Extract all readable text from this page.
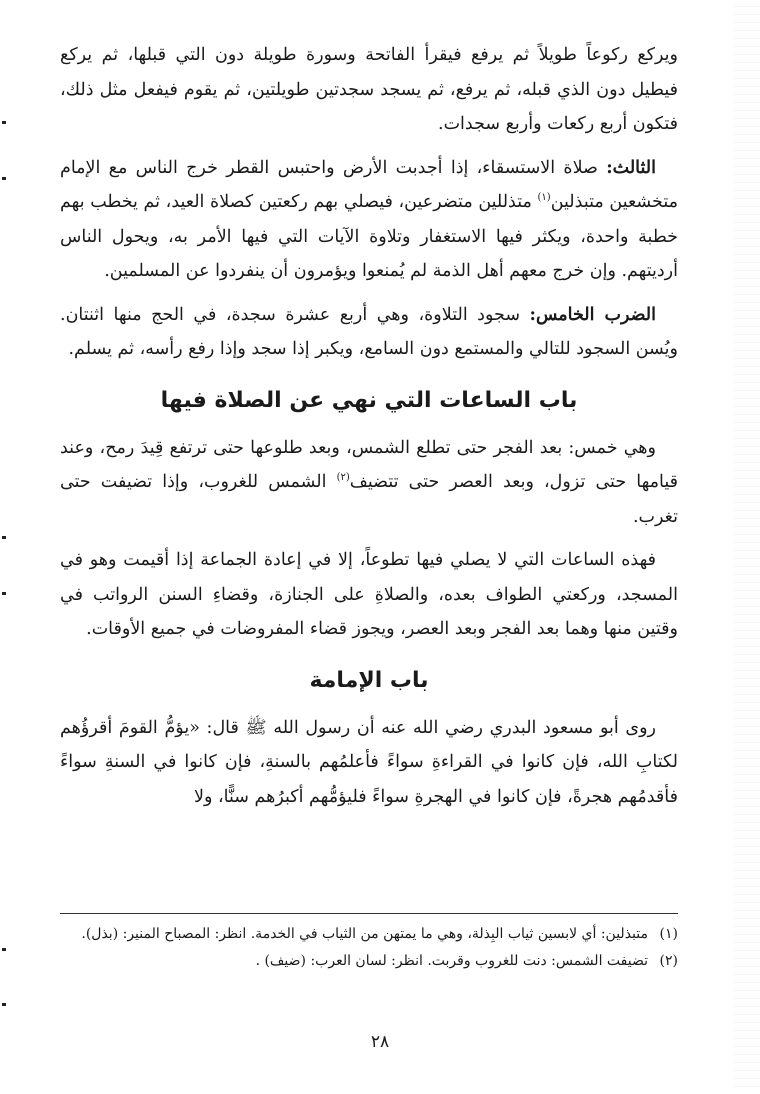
ويركع ركوعاً طويلاً ثم يرفع فيقرأ الفاتحة وسورة طويلة دون التي قبلها، ثم يركع فيطيل دون الذي قبله، ثم يرفع، ثم يسجد سجدتين طويلتين، ثم يقوم فيفعل مثل ذلك، فتكون أربع ركعات وأربع سجدات.

الثالث: صلاة الاستسقاء، إذا أجدبت الأرض واحتبس القطر خرج الناس مع الإمام متخشعين متبذلين$^{(١)}$ متذللين متضرعين، فيصلي بهم ركعتين كصلاة العيد، ثم يخطب بهم خطبة واحدة، ويكثر فيها الاستغفار وتلاوة الآيات التي فيها الأمر به، ويحول الناس أرديتهم. وإن خرج معهم أهل الذمة لم يُمنعوا ويؤمرون أن ينفردوا عن المسلمين.

الضرب الخامس: سجود التلاوة، وهي أربع عشرة سجدة، في الحج منها اثنتان. ويُسن السجود للتالي والمستمع دون السامع، ويكبر إذا سجد وإذا رفع رأسه، ثم يسلم.

باب الساعات التي نهي عن الصلاة فيها

وهي خمس: بعد الفجر حتى تطلع الشمس، وبعد طلوعها حتى ترتفع قِيدَ رمح، وعند قيامها حتى تزول، وبعد العصر حتى تتضيف$^{(٢)}$ الشمس للغروب، وإذا تضيفت حتى تغرب.

فهذه الساعات التي لا يصلي فيها تطوعاً، إلا في إعادة الجماعة إذا أقيمت وهو في المسجد، وركعتي الطواف بعده، والصلاةِ على الجنازة، وقضاءِ السنن الرواتب في وقتين منها وهما بعد الفجر وبعد العصر، ويجوز قضاء المفروضات في جميع الأوقات.

باب الإمامة

روى أبو مسعود البدري رضي الله عنه أن رسول الله ﷺ قال: «يؤمُّ القومَ أقرؤُهم لكتابِ الله، فإن كانوا في القراءةِ سواءً فأعلمُهم بالسنةِ، فإن كانوا في السنةِ سواءً فأقدمُهم هجرةً، فإن كانوا في الهجرةِ سواءً فليؤمُّهم أكبرُهم سنًّا، ولا

(١)متبذلين: أي لابسين ثياب البِذلة، وهي ما يمتهن من الثياب في الخدمة. انظر: المصباح المنير: (بذل).

(٢)تضيفت الشمس: دنت للغروب وقربت. انظر: لسان العرب: (ضيف) .

٢٨
